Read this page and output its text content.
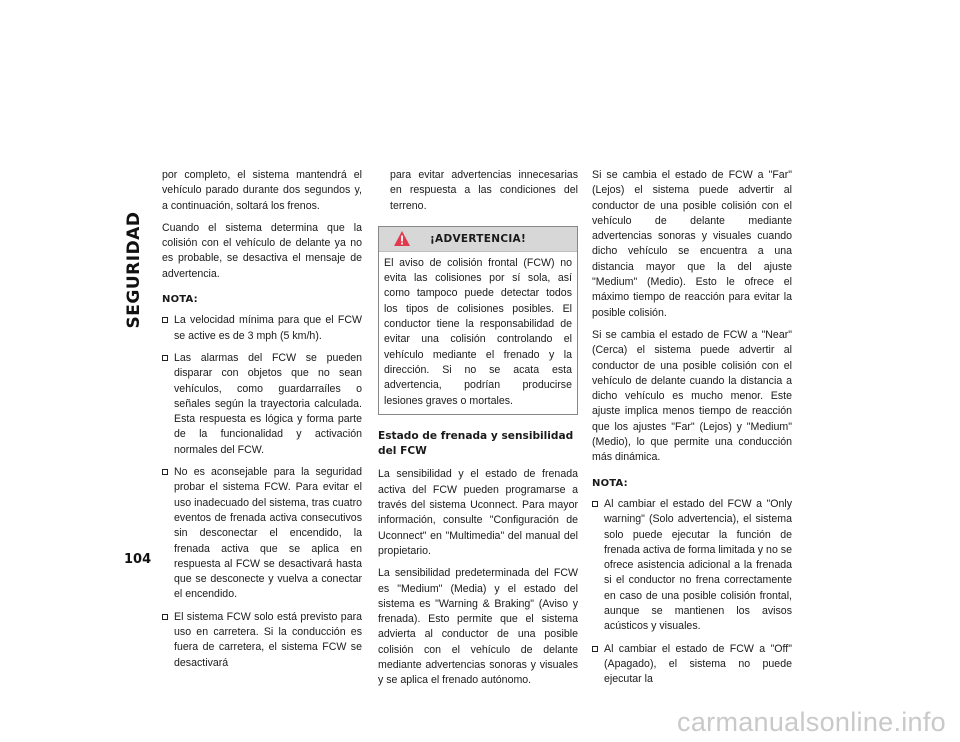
SEGURIDAD
104

por completo, el sistema mantendrá el vehículo parado durante dos segundos y, a continuación, soltará los frenos.

Cuando el sistema determina que la colisión con el vehículo de delante ya no es probable, se desactiva el mensaje de advertencia.

NOTA:
La velocidad mínima para que el FCW se active es de 3 mph (5 km/h).
Las alarmas del FCW se pueden disparar con objetos que no sean vehículos, como guardarraíles o señales según la trayectoria calculada. Esta respuesta es lógica y forma parte de la funcionalidad y activación normales del FCW.
No es aconsejable para la seguridad probar el sistema FCW. Para evitar el uso inadecuado del sistema, tras cuatro eventos de frenada activa consecutivos sin desconectar el encendido, la frenada activa que se aplica en respuesta al FCW se desactivará hasta que se desconecte y vuelva a conectar el encendido.
El sistema FCW solo está previsto para uso en carretera. Si la conducción es fuera de carretera, el sistema FCW se desactivará
para evitar advertencias innecesarias en respuesta a las condiciones del terreno.
¡ADVERTENCIA!
El aviso de colisión frontal (FCW) no evita las colisiones por sí sola, así como tampoco puede detectar todos los tipos de colisiones posibles. El conductor tiene la responsabilidad de evitar una colisión controlando el vehículo mediante el frenado y la dirección. Si no se acata esta advertencia, podrían producirse lesiones graves o mortales.
Estado de frenada y sensibilidad del FCW

La sensibilidad y el estado de frenada activa del FCW pueden programarse a través del sistema Uconnect. Para mayor información, consulte "Configuración de Uconnect" en "Multimedia" del manual del propietario.

La sensibilidad predeterminada del FCW es "Medium" (Media) y el estado del sistema es "Warning & Braking" (Aviso y frenada). Esto permite que el sistema advierta al conductor de una posible colisión con el vehículo de delante mediante advertencias sonoras y visuales y se aplica el frenado autónomo.

Si se cambia el estado de FCW a "Far" (Lejos) el sistema puede advertir al conductor de una posible colisión con el vehículo de delante mediante advertencias sonoras y visuales cuando dicho vehículo se encuentra a una distancia mayor que la del ajuste "Medium" (Medio). Esto le ofrece el máximo tiempo de reacción para evitar la posible colisión.

Si se cambia el estado de FCW a "Near" (Cerca) el sistema puede advertir al conductor de una posible colisión con el vehículo de delante cuando la distancia a dicho vehículo es mucho menor. Este ajuste implica menos tiempo de reacción que los ajustes "Far" (Lejos) y "Medium" (Medio), lo que permite una conducción más dinámica.

NOTA:
Al cambiar el estado del FCW a "Only warning" (Solo advertencia), el sistema solo puede ejecutar la función de frenada activa de forma limitada y no se ofrece asistencia adicional a la frenada si el conductor no frena correctamente en caso de una posible colisión frontal, aunque se mantienen los avisos acústicos y visuales.
Al cambiar el estado de FCW a "Off" (Apagado), el sistema no puede ejecutar la
carmanualsonline.info
